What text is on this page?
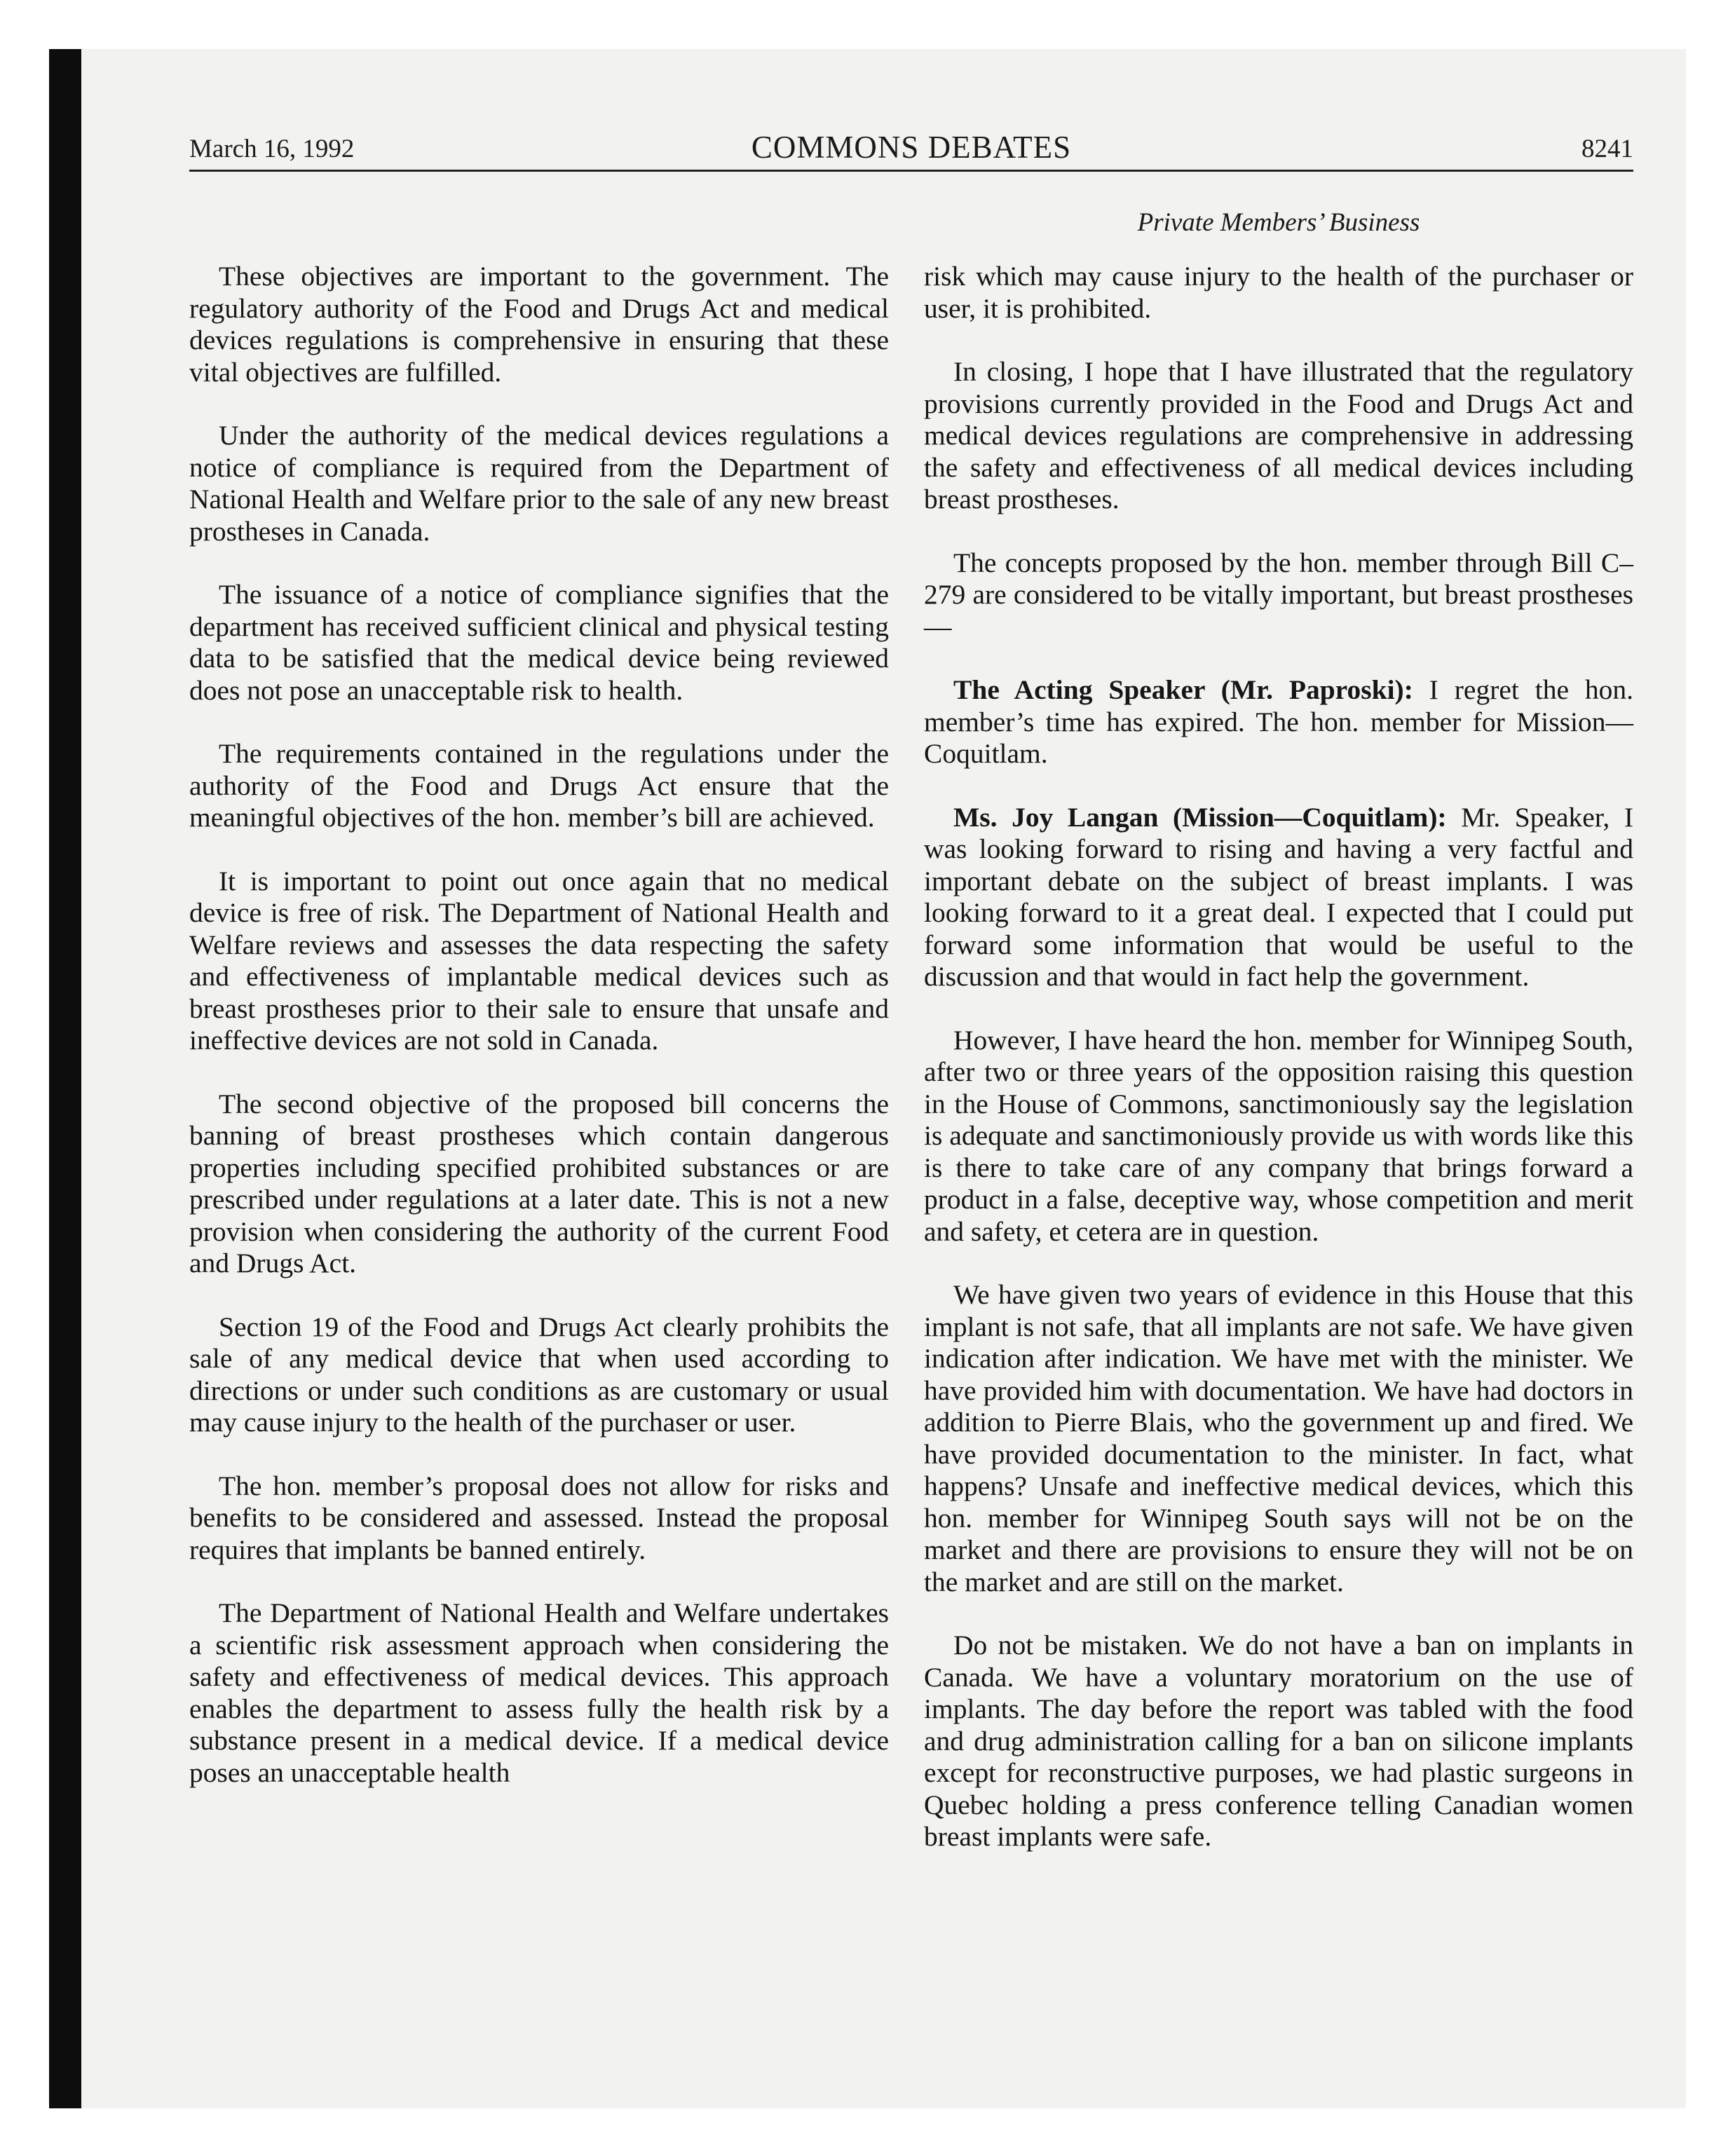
March 16, 1992	COMMONS DEBATES	8241
Private Members’ Business

These objectives are important to the government. The regulatory authority of the Food and Drugs Act and medical devices regulations is comprehensive in ensuring that these vital objectives are fulfilled.

Under the authority of the medical devices regulations a notice of compliance is required from the Department of National Health and Welfare prior to the sale of any new breast prostheses in Canada.

The issuance of a notice of compliance signifies that the department has received sufficient clinical and physical testing data to be satisfied that the medical device being reviewed does not pose an unacceptable risk to health.

The requirements contained in the regulations under the authority of the Food and Drugs Act ensure that the meaningful objectives of the hon. member’s bill are achieved.

It is important to point out once again that no medical device is free of risk. The Department of National Health and Welfare reviews and assesses the data respecting the safety and effectiveness of implantable medical devices such as breast prostheses prior to their sale to ensure that unsafe and ineffective devices are not sold in Canada.

The second objective of the proposed bill concerns the banning of breast prostheses which contain dangerous properties including specified prohibited substances or are prescribed under regulations at a later date. This is not a new provision when considering the authority of the current Food and Drugs Act.

Section 19 of the Food and Drugs Act clearly prohibits the sale of any medical device that when used according to directions or under such conditions as are customary or usual may cause injury to the health of the purchaser or user.

The hon. member’s proposal does not allow for risks and benefits to be considered and assessed. Instead the proposal requires that implants be banned entirely.

The Department of National Health and Welfare undertakes a scientific risk assessment approach when considering the safety and effectiveness of medical devices. This approach enables the department to assess fully the health risk by a substance present in a medical device. If a medical device poses an unacceptable health

risk which may cause injury to the health of the purchaser or user, it is prohibited.

In closing, I hope that I have illustrated that the regulatory provisions currently provided in the Food and Drugs Act and medical devices regulations are comprehensive in addressing the safety and effectiveness of all medical devices including breast prostheses.

The concepts proposed by the hon. member through Bill C–279 are considered to be vitally important, but breast prostheses—

The Acting Speaker (Mr. Paproski): I regret the hon. member’s time has expired. The hon. member for Mission—Coquitlam.

Ms. Joy Langan (Mission—Coquitlam): Mr. Speaker, I was looking forward to rising and having a very factful and important debate on the subject of breast implants. I was looking forward to it a great deal. I expected that I could put forward some information that would be useful to the discussion and that would in fact help the government.

However, I have heard the hon. member for Winnipeg South, after two or three years of the opposition raising this question in the House of Commons, sanctimoniously say the legislation is adequate and sanctimoniously provide us with words like this is there to take care of any company that brings forward a product in a false, deceptive way, whose competition and merit and safety, et cetera are in question.

We have given two years of evidence in this House that this implant is not safe, that all implants are not safe. We have given indication after indication. We have met with the minister. We have provided him with documentation. We have had doctors in addition to Pierre Blais, who the government up and fired. We have provided documentation to the minister. In fact, what happens? Unsafe and ineffective medical devices, which this hon. member for Winnipeg South says will not be on the market and there are provisions to ensure they will not be on the market and are still on the market.

Do not be mistaken. We do not have a ban on implants in Canada. We have a voluntary moratorium on the use of implants. The day before the report was tabled with the food and drug administration calling for a ban on silicone implants except for reconstructive purposes, we had plastic surgeons in Quebec holding a press conference telling Canadian women breast implants were safe.
